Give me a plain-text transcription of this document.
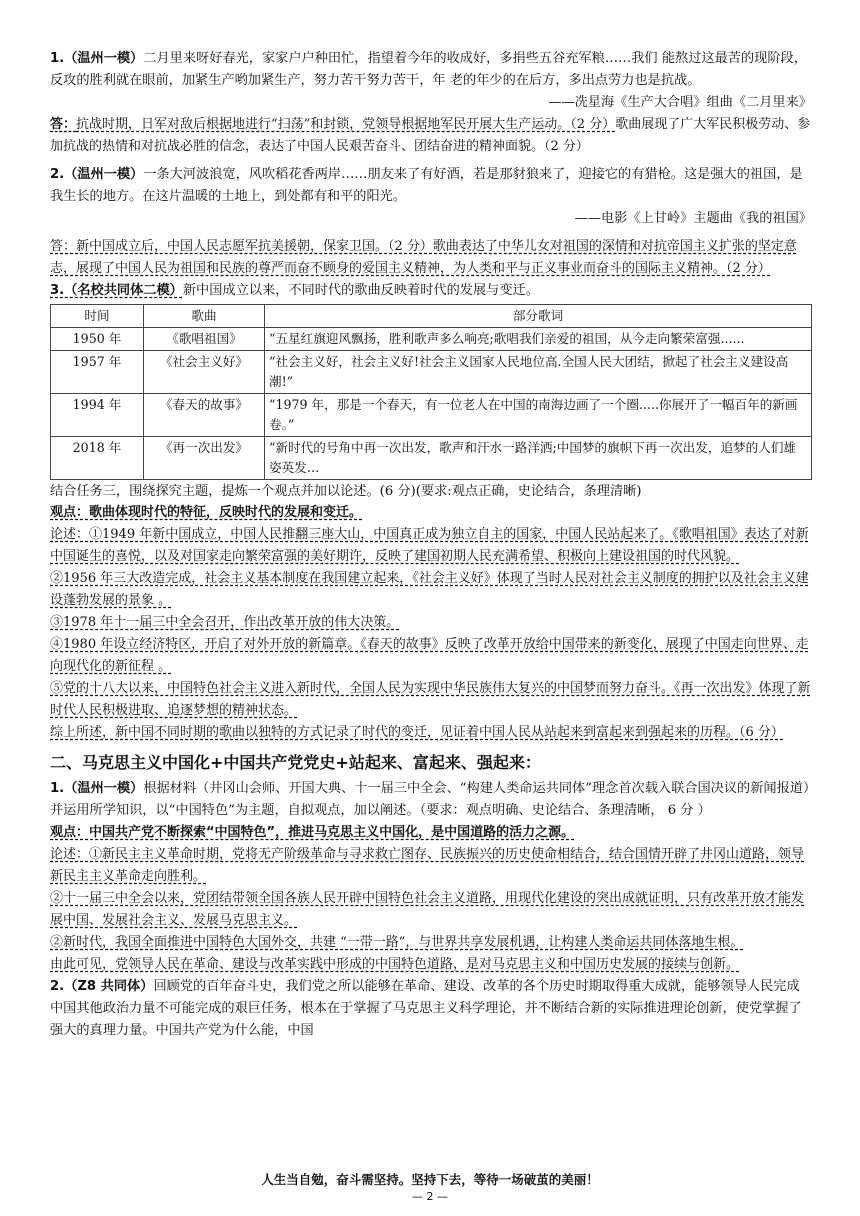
1.（温州一模）二月里来呀好春光，家家户户种田忙，指望着今年的收成好，多捐些五谷充军粮……我们 能熬过这最苦的现阶段，反攻的胜利就在眼前，加紧生产哟加紧生产，努力苦干努力苦干，年 老的年少的在后方，多出点劳力也是抗战。

——冼星海《生产大合唱》组曲《二月里来》

答：抗战时期，日军对敌后根据地进行“扫荡”和封锁，党领导根据地军民开展大生产运动。（2 分）歌曲展现了广大军民积极劳动、参加抗战的热情和对抗战必胜的信念，表达了中国人民艰苦奋斗、团结奋进的精神面貌。（2 分）

2.（温州一模）一条大河波浪宽，风吹稻花香两岸……朋友来了有好酒，若是那豺狼来了，迎接它的有猎枪。这是强大的祖国，是我生长的地方。在这片温暖的土地上，到处都有和平的阳光。

——电影《上甘岭》主题曲《我的祖国》

答：新中国成立后，中国人民志愿军抗美援朝，保家卫国。（2 分）歌曲表达了中华儿女对祖国的深情和对抗帝国主义扩张的坚定意志，展现了中国人民为祖国和民族的尊严而奋不顾身的爱国主义精神，为人类和平与正义事业而奋斗的国际主义精神。（2 分）

3.（名校共同体二模）新中国成立以来，不同时代的歌曲反映着时代的发展与变迁。

时间	歌曲	部分歌词
1950 年	《歌唱祖国》	“五星红旗迎风飘扬，胜利歌声多么响亮;歌唱我们亲爱的祖国，从今走向繁荣富强......
1957 年	《社会主义好》	“社会主义好，社会主义好!社会主义国家人民地位高.全国人民大团结，掀起了社会主义建设高潮!”
1994 年	《春天的故事》	“1979 年，那是一个春天，有一位老人在中国的南海边画了一个圈.....你展开了一幅百年的新画卷。”
2018 年	《再一次出发》	“新时代的号角中再一次出发，歌声和汗水一路洋洒;中国梦的旗帜下再一次出发，追梦的人们雄姿英发…

结合任务三，围绕探究主题，提炼一个观点并加以论述。(6 分)(要求:观点正确，史论结合，条理清晰)

观点：歌曲体现时代的特征，反映时代的发展和变迁。

论述：①1949 年新中国成立，中国人民推翻三座大山，中国真正成为独立自主的国家，中国人民站起来了。《歌唱祖国》表达了对新中国诞生的喜悦，以及对国家走向繁荣富强的美好期许，反映了建国初期人民充满希望、积极向上建设祖国的时代风貌。

②1956 年三大改造完成，社会主义基本制度在我国建立起来，《社会主义好》体现了当时人民对社会主义制度的拥护以及社会主义建设蓬勃发展的景象 。

③1978 年十一届三中全会召开，作出改革开放的伟大决策。

④1980 年设立经济特区，开启了对外开放的新篇章。《春天的故事》反映了改革开放给中国带来的新变化，展现了中国走向世界、走向现代化的新征程 。

⑤党的十八大以来，中国特色社会主义进入新时代，全国人民为实现中华民族伟大复兴的中国梦而努力奋斗。《再一次出发》体现了新时代人民积极进取、追逐梦想的精神状态。

综上所述，新中国不同时期的歌曲以独特的方式记录了时代的变迁，见证着中国人民从站起来到富起来到强起来的历程。（6 分）

二、马克思主义中国化+中国共产党党史+站起来、富起来、强起来：

1.（温州一模）根据材料（井冈山会师、开国大典、十一届三中全会、“构建人类命运共同体”理念首次载入联合国决议的新闻报道）并运用所学知识，以“中国特色”为主题，自拟观点，加以阐述。（要求：观点明确、史论结合、条理清晰， 6 分 ）

观点：中国共产党不断探索“中国特色”，推进马克思主义中国化，是中国道路的活力之源。

论述：①新民主主义革命时期，党将无产阶级革命与寻求救亡图存、民族振兴的历史使命相结合，结合国情开辟了井冈山道路，领导新民主主义革命走向胜利。

②十一届三中全会以来，党团结带领全国各族人民开辟中国特色社会主义道路，用现代化建设的突出成就证明，只有改革开放才能发展中国、发展社会主义、发展马克思主义。

②新时代，我国全面推进中国特色大国外交，共建 “一带一路”，与世界共享发展机遇，让构建人类命运共同体落地生根。

由此可见，党领导人民在革命、建设与改革实践中形成的中国特色道路，是对马克思主义和中国历史发展的接续与创新。

2.（Z8 共同体）回顾党的百年奋斗史，我们党之所以能够在革命、建设、改革的各个历史时期取得重大成就，能够领导人民完成中国其他政治力量不可能完成的艰巨任务，根本在于掌握了马克思主义科学理论，并不断结合新的实际推进理论创新，使党掌握了强大的真理力量。中国共产党为什么能，中国

人生当自勉，奋斗需坚持。坚持下去，等待一场破茧的美丽！
— 2 —
